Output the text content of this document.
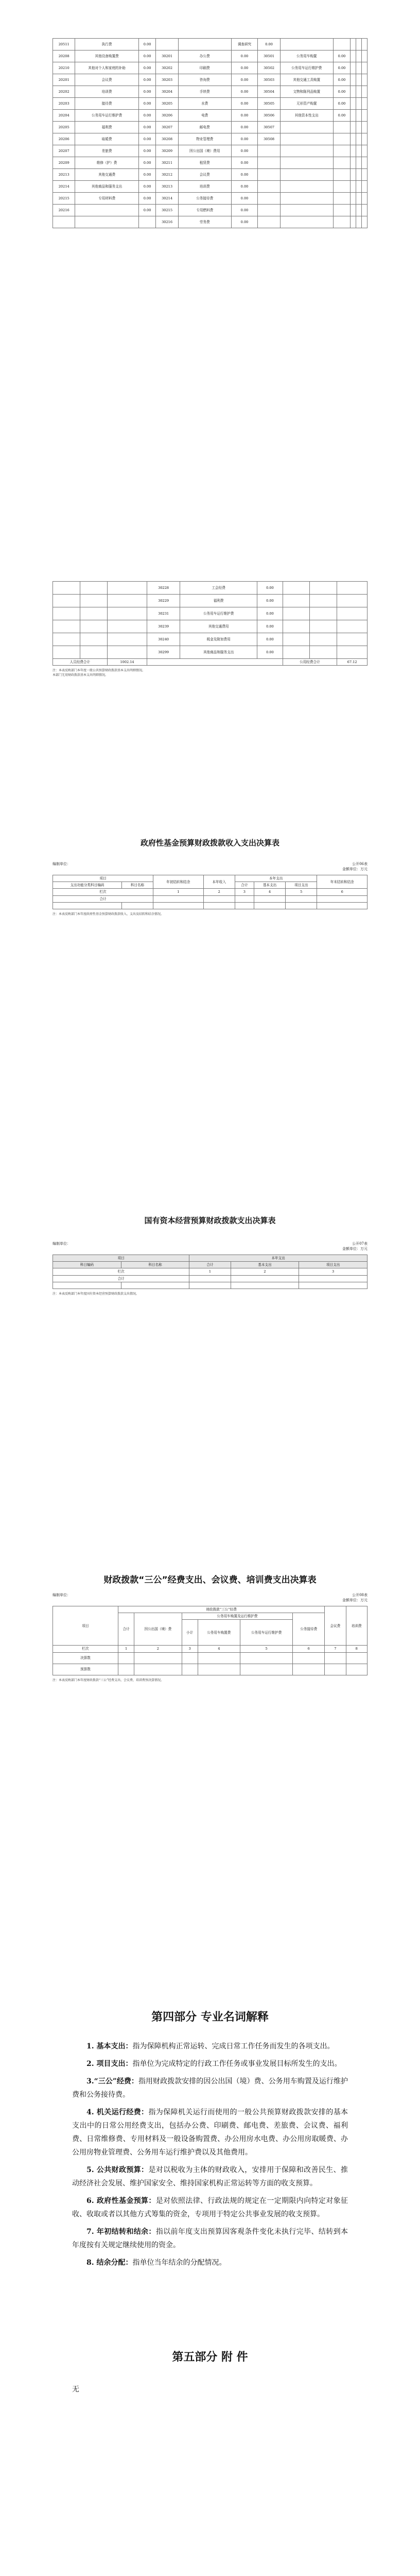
20511	执行费	0.00			调查研究	0.00					
20208	其他设备购置费	0.00	30201	办公费	0.00	30501	公务用车购置	0.00			
20210	其他对个人和家庭的补助	0.00	30202	印刷费	0.00	30502	公务用车运行维护费	0.00			
20201	会议费	0.00	30203	咨询费	0.00	30503	其他交通工具购置	0.00			
20202	培训费	0.00	30204	手续费	0.00	30504	文物和陈列品购置	0.00			
20203	接待费	0.00	30205	水费	0.00	30505	无形资产购置	0.00			
20204	公务用车运行维护费	0.00	30206	电费	0.00	30506	其他资本性支出	0.00			
20205	福利费	0.00	30207	邮电费	0.00	30507					
20206	取暖费	0.00	30208	物业管理费	0.00	30508					
20207	差旅费	0.00	30209	因公出国（境）费用	0.00						
20209	维修（护）费	0.00	30211	租赁费	0.00						
20213	其他交通费	0.00	30212	会议费	0.00						
20214	其他商品和服务支出	0.00	30213	培训费	0.00						
20215	专用材料费	0.00	30214	公务接待费	0.00						
20216		0.00	30215	专用燃料费	0.00						
			30216	劳务费	0.00						
			30228	工会经费	0.00			
			30229	福利费	0.00			
			30231	公务用车运行维护费	0.00			
			30239	其他交通费用	0.00			
			30240	税金及附加费用	0.00			
			30299	其他商品和服务支出	0.00			
人员经费合计		1002.14				公用经费合计		67.12
注：本表反映部门本年度一般公共预算财政拨款基本支出明细情况。
本部门无用财政拨款基本支出明细情况。
政府性基金预算财政拨款收入支出决算表
编制单位：	公开06表
金额单位：万元
项目		年初结转和结余	本年收入	本年支出			年末结转和结余
支出功能分类科目编码	科目名称			合计	基本支出	项目支出	
栏次		1	2	3	4	5	6
合计							

注：本表反映部门本年度政府性基金预算财政拨款收入、支出及结转和结余情况。
国有资本经营预算财政拨款支出决算表
编制单位：	公开07表
金额单位：万元
项目		本年支出		
科目编码	科目名称	合计	基本支出	项目支出
栏次		1	2	3
合计				

注：本表反映部门本年度国有资本经营预算财政拨款支出情况。
财政拨款“三公”经费支出、会议费、培训费支出决算表
编制单位：	公开08表
金额单位：万元
项目	财政拨款“三公”经费						会议费	培训费
	合计	因公出国（境）费	公务用车购置及运行维护费			公务接待费		
			小计	公务用车购置费	公务用车运行维护费			
栏次	1	2	3	4	5	6	7	8
决算数								
预算数								
注：本表反映部门本年度财政拨款“三公”经费支出、会议费、培训费预决算情况。
第四部分 专业名词解释
1. 基本支出：指为保障机构正常运转、完成日常工作任务而发生的各项支出。
2. 项目支出：指单位为完成特定的行政工作任务或事业发展目标所发生的支出。
3.“三公”经费：指用财政拨款安排的因公出国（境）费、公务用车购置及运行维护费和公务接待费。
4. 机关运行经费：指为保障机关运行而使用的一般公共预算财政拨款安排的基本支出中的日常公用经费支出，包括办公费、印刷费、邮电费、差旅费、会议费、福利费、日常维修费、专用材料及一般设备购置费、办公用房水电费、办公用房取暖费、办公用房物业管理费、公务用车运行维护费以及其他费用。
5. 公共财政预算：是对以税收为主体的财政收入，安排用于保障和改善民生、推动经济社会发展、维护国家安全、维持国家机构正常运转等方面的收支预算。
6. 政府性基金预算：是对依照法律、行政法规的规定在一定期限内向特定对象征收、收取或者以其他方式筹集的资金，专项用于特定公共事业发展的收支预算。
7. 年初结转和结余：指以前年度支出预算因客观条件变化未执行完毕、结转到本年度按有关规定继续使用的资金。
8. 结余分配：指单位当年结余的分配情况。
第五部分 附 件
无
